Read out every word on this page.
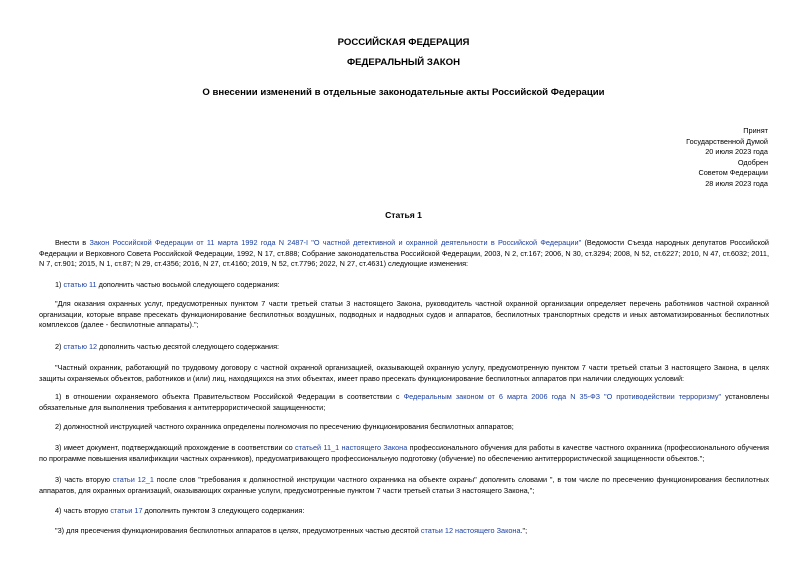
РОССИЙСКАЯ ФЕДЕРАЦИЯ
ФЕДЕРАЛЬНЫЙ ЗАКОН
О внесении изменений в отдельные законодательные акты Российской Федерации
Принят
Государственной Думой
20 июля 2023 года
Одобрен
Советом Федерации
28 июля 2023 года
Статья 1
Внести в Закон Российской Федерации от 11 марта 1992 года N 2487-I "О частной детективной и охранной деятельности в Российской Федерации" (Ведомости Съезда народных депутатов Российской Федерации и Верховного Совета Российской Федерации, 1992, N 17, ст.888; Собрание законодательства Российской Федерации, 2003, N 2, ст.167; 2006, N 30, ст.3294; 2008, N 52, ст.6227; 2010, N 47, ст.6032; 2011, N 7, ст.901; 2015, N 1, ст.87; N 29, ст.4356; 2016, N 27, ст.4160; 2019, N 52, ст.7796; 2022, N 27, ст.4631) следующие изменения:
1) статью 11 дополнить частью восьмой следующего содержания:
"Для оказания охранных услуг, предусмотренных пунктом 7 части третьей статьи 3 настоящего Закона, руководитель частной охранной организации определяет перечень работников частной охранной организации, которые вправе пресекать функционирование беспилотных воздушных, подводных и надводных судов и аппаратов, беспилотных транспортных средств и иных автоматизированных беспилотных комплексов (далее - беспилотные аппараты).";
2) статью 12 дополнить частью десятой следующего содержания:
"Частный охранник, работающий по трудовому договору с частной охранной организацией, оказывающей охранную услугу, предусмотренную пунктом 7 части третьей статьи 3 настоящего Закона, в целях защиты охраняемых объектов, работников и (или) лиц, находящихся на этих объектах, имеет право пресекать функционирование беспилотных аппаратов при наличии следующих условий:
1) в отношении охраняемого объекта Правительством Российской Федерации в соответствии с Федеральным законом от 6 марта 2006 года N 35-ФЗ "О противодействии терроризму" установлены обязательные для выполнения требования к антитеррористической защищенности;
2) должностной инструкцией частного охранника определены полномочия по пресечению функционирования беспилотных аппаратов;
3) имеет документ, подтверждающий прохождение в соответствии со статьей 11_1 настоящего Закона профессионального обучения для работы в качестве частного охранника (профессионального обучения по программе повышения квалификации частных охранников), предусматривающего профессиональную подготовку (обучение) по обеспечению антитеррористической защищенности объектов.";
3) часть вторую статьи 12_1 после слов "требования к должностной инструкции частного охранника на объекте охраны" дополнить словами ", в том числе по пресечению функционирования беспилотных аппаратов, для охранных организаций, оказывающих охранные услуги, предусмотренные пунктом 7 части третьей статьи 3 настоящего Закона,";
4) часть вторую статьи 17 дополнить пунктом 3 следующего содержания:
"3) для пресечения функционирования беспилотных аппаратов в целях, предусмотренных частью десятой статьи 12 настоящего Закона.";
